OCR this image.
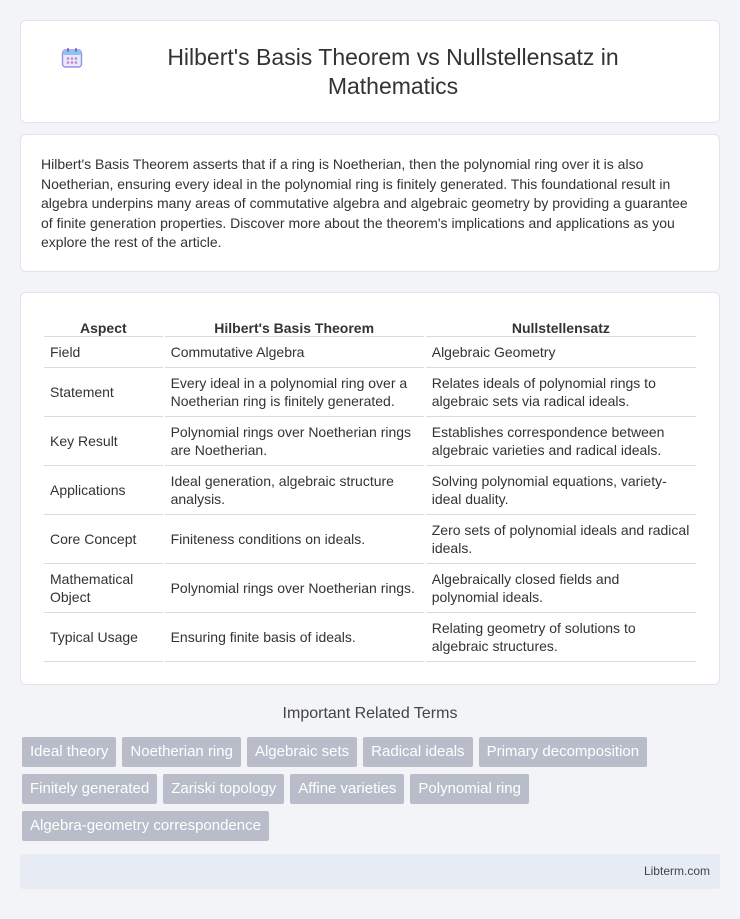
Hilbert's Basis Theorem vs Nullstellensatz in Mathematics

Hilbert's Basis Theorem asserts that if a ring is Noetherian, then the polynomial ring over it is also Noetherian, ensuring every ideal in the polynomial ring is finitely generated. This foundational result in algebra underpins many areas of commutative algebra and algebraic geometry by providing a guarantee of finite generation properties. Discover more about the theorem's implications and applications as you explore the rest of the article.

Aspect	Hilbert's Basis Theorem	Nullstellensatz
Field	Commutative Algebra	Algebraic Geometry
Statement	Every ideal in a polynomial ring over a Noetherian ring is finitely generated.	Relates ideals of polynomial rings to algebraic sets via radical ideals.
Key Result	Polynomial rings over Noetherian rings are Noetherian.	Establishes correspondence between algebraic varieties and radical ideals.
Applications	Ideal generation, algebraic structure analysis.	Solving polynomial equations, variety-ideal duality.
Core Concept	Finiteness conditions on ideals.	Zero sets of polynomial ideals and radical ideals.
Mathematical Object	Polynomial rings over Noetherian rings.	Algebraically closed fields and polynomial ideals.
Typical Usage	Ensuring finite basis of ideals.	Relating geometry of solutions to algebraic structures.
Important Related Terms
Ideal theory	Noetherian ring	Algebraic sets	Radical ideals	Primary decomposition
Finitely generated	Zariski topology	Affine varieties	Polynomial ring
Algebra-geometry correspondence
Libterm.com
